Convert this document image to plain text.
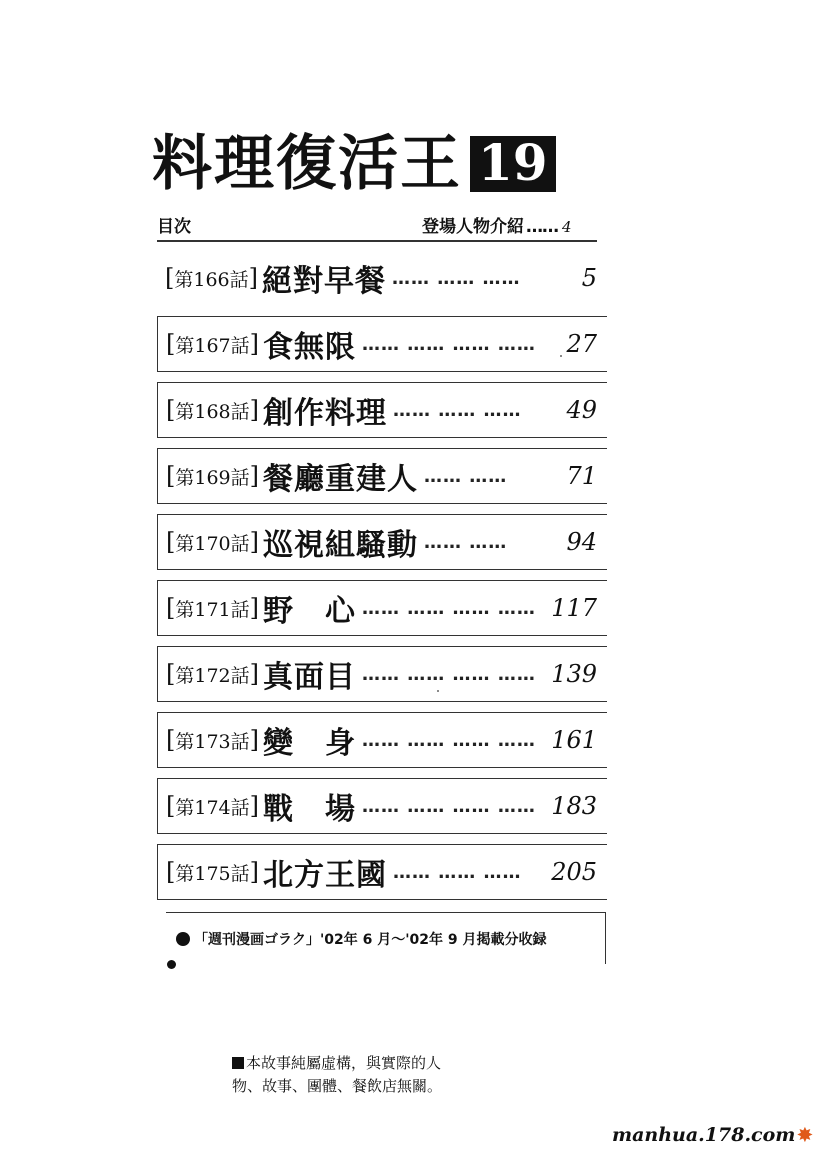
料理復活王 19
目次	登場人物介紹 …… 4
[第166話] 絕對早餐 …… …… ……	5
[第167話] 食無限 …… …… …… ……	27
[第168話] 創作料理 …… …… ……	49
[第169話] 餐廳重建人 …… ……	71
[第170話] 巡視組騷動 …… ……	94
[第171話] 野　心 …… …… …… …… 117
[第172話] 真面目 …… …… …… …… 139
[第173話] 變　身 …… …… …… …… 161
[第174話] 戰　場 …… …… …… …… 183
[第175話] 北方王國 …… …… ……	205
「週刊漫画ゴラク」'02年 6 月～'02年 9 月掲載分收録
本故事純屬虛構，與實際的人
物、故事、團體、餐飲店無關。
manhua.178.com ✸
